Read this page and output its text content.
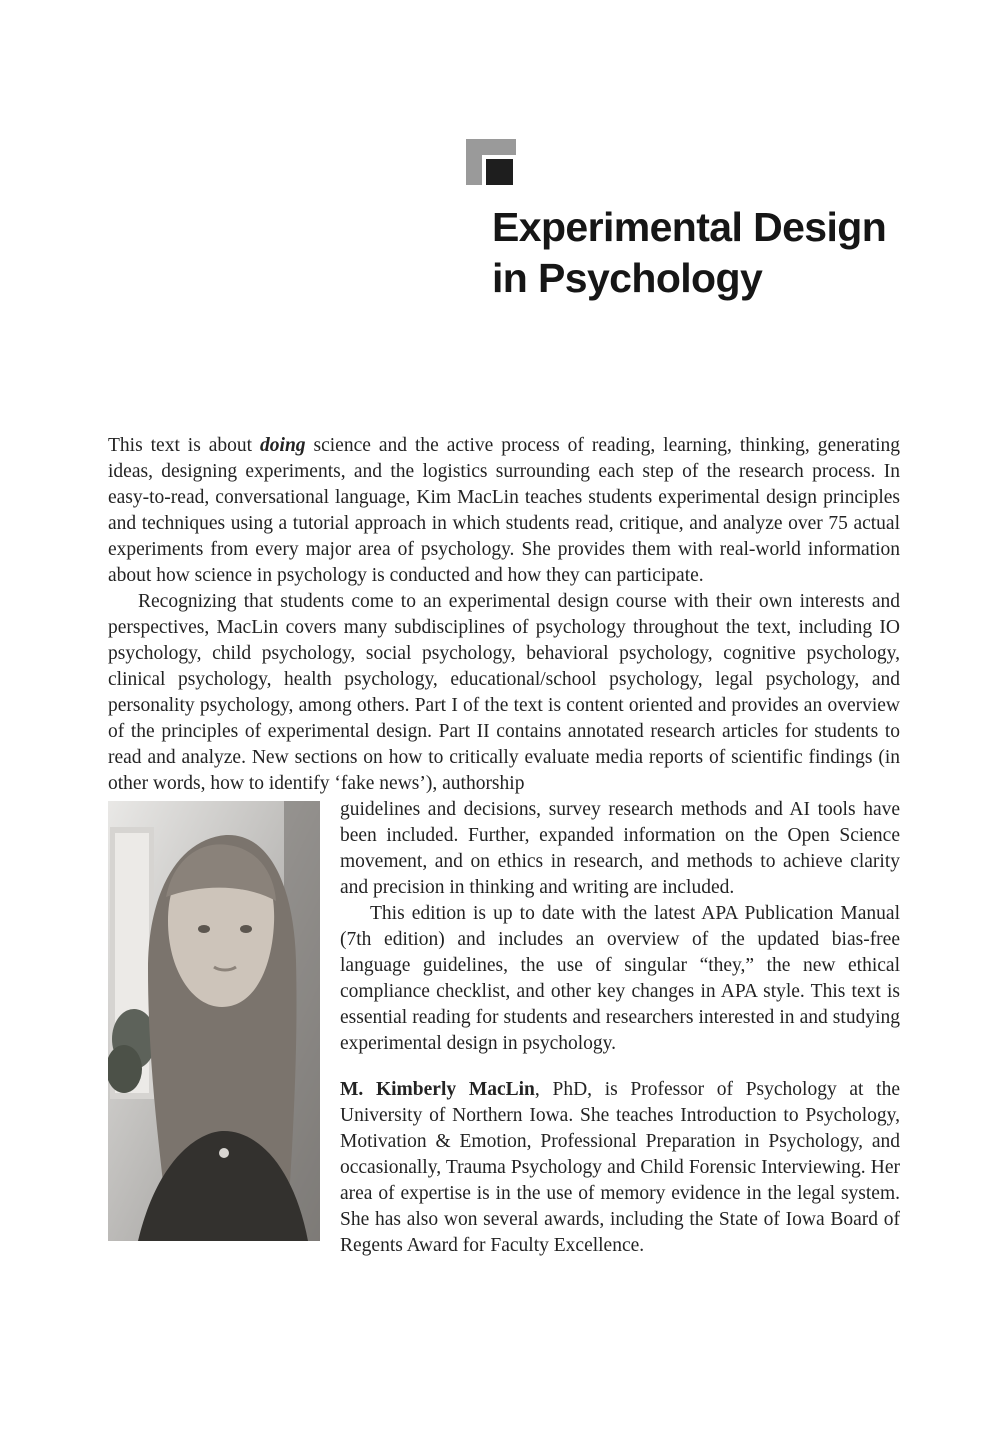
Experimental Design
in Psychology

This text is about doing science and the active process of reading, learning, thinking, generating ideas, designing experiments, and the logistics surrounding each step of the research process. In easy-to-read, conversational language, Kim MacLin teaches students experimental design principles and techniques using a tutorial approach in which students read, critique, and analyze over 75 actual experiments from every major area of psychology. She provides them with real-world information about how science in psychology is conducted and how they can participate.

Recognizing that students come to an experimental design course with their own interests and perspectives, MacLin covers many subdisciplines of psychology throughout the text, including IO psychology, child psychology, social psychology, behavioral psychology, cognitive psychology, clinical psychology, health psychology, educational/school psychology, legal psychology, and personality psychology, among others. Part I of the text is content oriented and provides an overview of the principles of experimental design. Part II contains annotated research articles for students to read and analyze. New sections on how to critically evaluate media reports of scientific findings (in other words, how to identify ‘fake news’), authorship

guidelines and decisions, survey research methods and AI tools have been included. Further, expanded information on the Open Science movement, and on ethics in research, and methods to achieve clarity and precision in thinking and writing are included.

This edition is up to date with the latest APA Publication Manual (7th edition) and includes an overview of the updated bias-free language guidelines, the use of singular “they,” the new ethical compliance checklist, and other key changes in APA style. This text is essential reading for students and researchers interested in and studying experimental design in psychology.

M. Kimberly MacLin, PhD, is Professor of Psychology at the University of Northern Iowa. She teaches Introduction to Psychology, Motivation & Emotion, Professional Preparation in Psychology, and occasionally, Trauma Psychology and Child Forensic Interviewing. Her area of expertise is in the use of memory evidence in the legal system. She has also won several awards, including the State of Iowa Board of Regents Award for Faculty Excellence.
